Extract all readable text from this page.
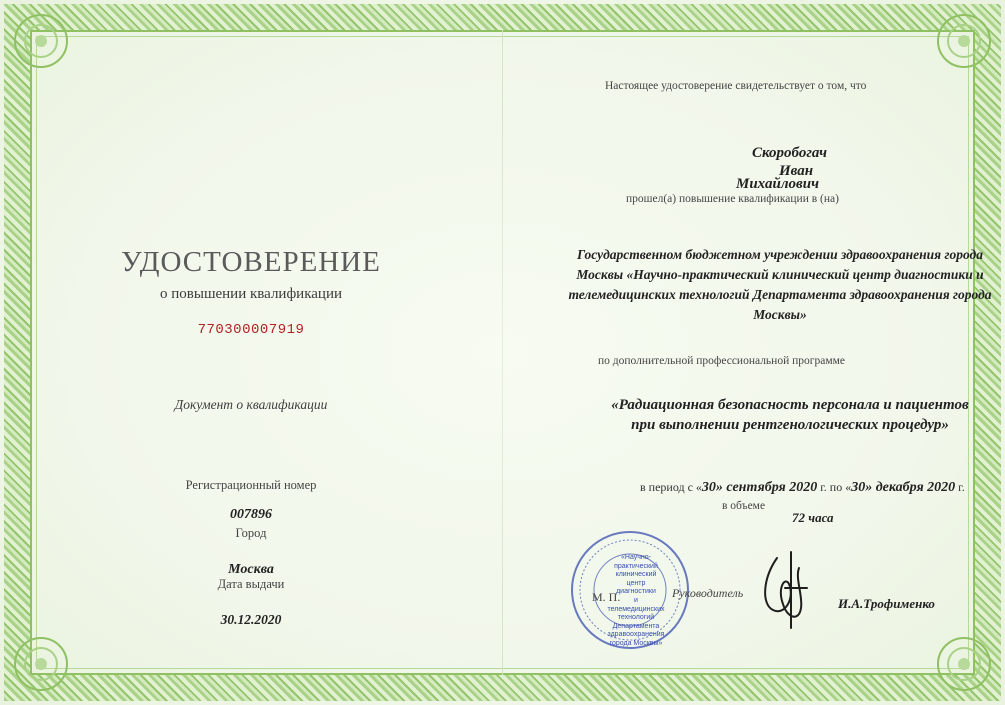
УДОСТОВЕРЕНИЕ
о повышении квалификации
770300007919
Документ о квалификации
Регистрационный номер
007896
Город
Москва
Дата выдачи
30.12.2020
Настоящее удостоверение свидетельствует о том, что
Скоробогач
Иван
Михайлович
прошел(а) повышение квалификации в (на)
Государственном бюджетном учреждении здравоохранения города Москвы «Научно-практический клинический центр диагностики и телемедицинских технологий Департамента здравоохранения города Москвы»
по дополнительной профессиональной программе
«Радиационная безопасность персонала и пациентов при выполнении рентгенологических процедур»
в период с «30» сентября 2020 г. по «30» декабря 2020 г.
в объеме
72 часа
«Научно-
практический
клинический центр
диагностики
и телемедицинских
технологий
Департамента
здравоохранения
города Москвы»
М. П.	Руководитель
И.А.Трофименко
